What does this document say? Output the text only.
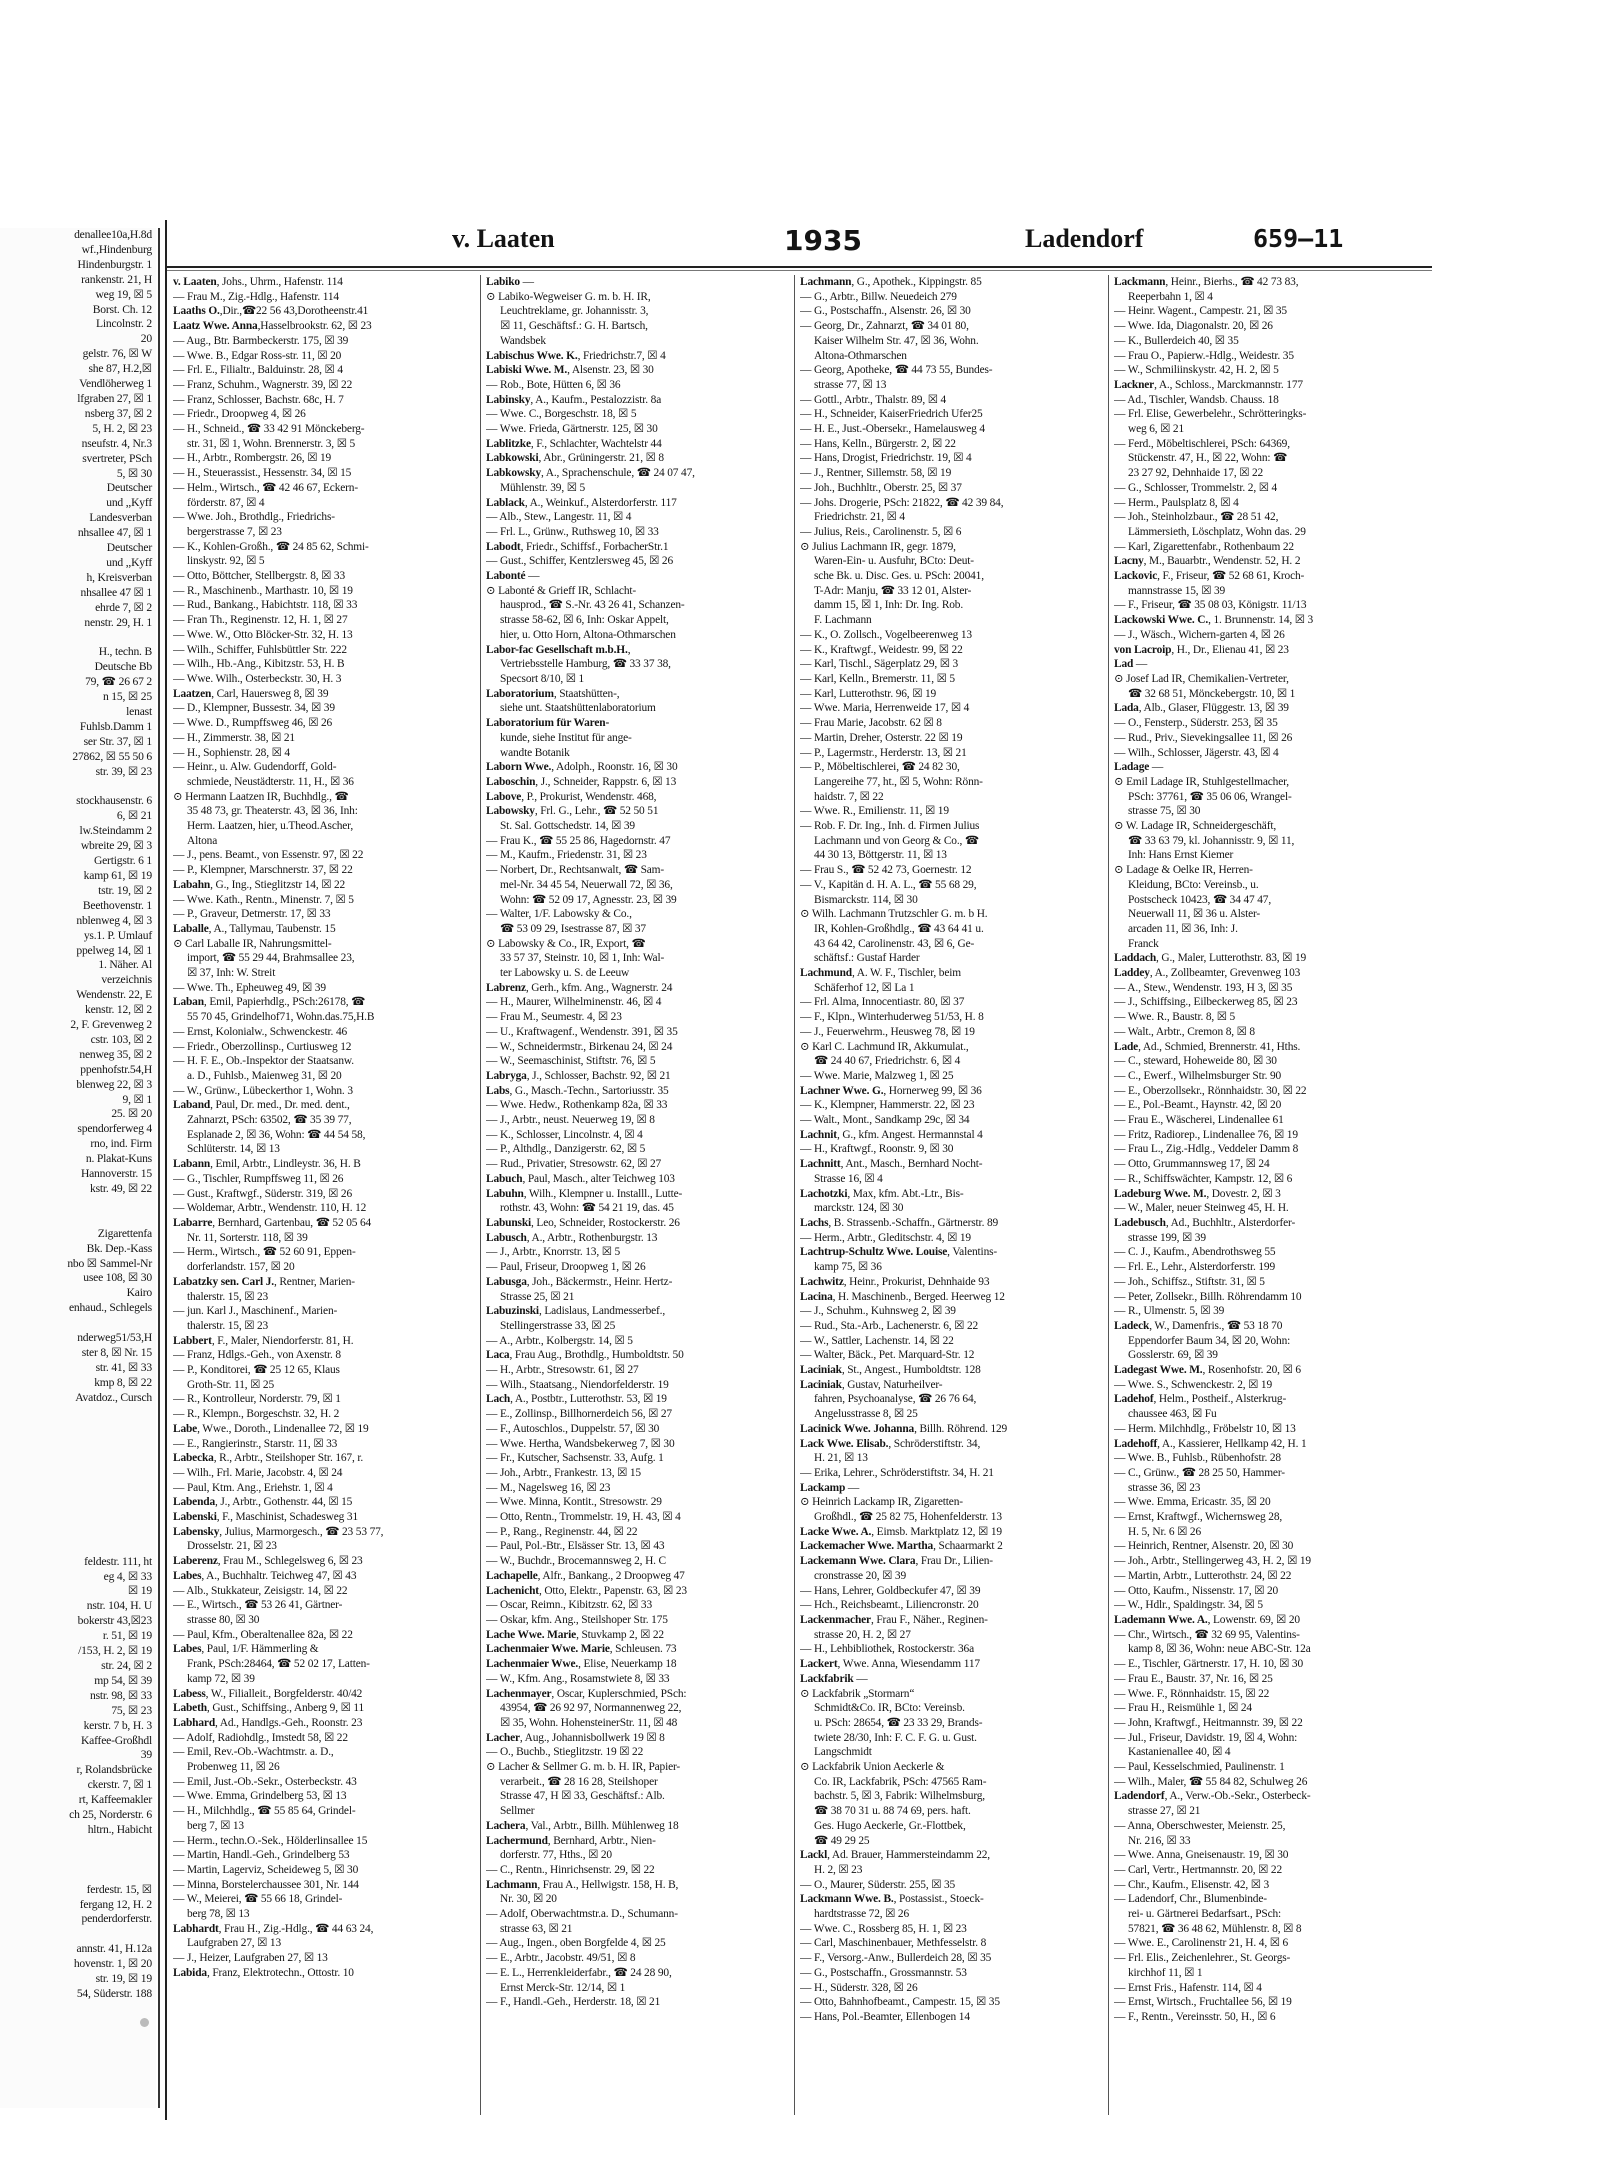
denallee10a,H.8d
wf.,Hindenburg
Hindenburgstr. 1
rankenstr. 21, H
weg 19, ☒ 5
Borst. Ch. 12
Lincolnstr. 2
20
gelstr. 76, ☒ W
she 87, H.2,☒
Vendlöherweg 1
lfgraben 27, ☒ 1
nsberg 37, ☒ 2
5, H. 2, ☒ 23
nseufstr. 4, Nr.3
svertreter, PSch
5, ☒ 30
Deutscher
und ,,Kyff
Landesverban
nhsallee 47, ☒ 1
Deutscher
und ,,Kyff
h, Kreisverban
nhsallee 47 ☒ 1
ehrde 7, ☒ 2
nenstr. 29, H. 1

H., techn. B
Deutsche Bb
79, ☎ 26 67 2
n 15, ☒ 25
lenast
Fuhlsb.Damm 1
ser Str. 37, ☒ 1
27862, ☒ 55 50 6
str. 39, ☒ 23

stockhausenstr. 6
6, ☒ 21
lw.Steindamm 2
wbreite 29, ☒ 3
Gertigstr. 6 1
kamp 61, ☒ 19
tstr. 19, ☒ 2
Beethovenstr. 1
nblenweg 4, ☒ 3
ys.1. P. Umlauf
ppelweg 14, ☒ 1
1. Näher. Al
verzeichnis
Wendenstr. 22, E
kenstr. 12, ☒ 2
2, F. Grevenweg 2
cstr. 103, ☒ 2
nenweg 35, ☒ 2
ppenhofstr.54,H
blenweg 22, ☒ 3
9, ☒ 1
25. ☒ 20
spendorferweg 4
rno, ind. Firm
n. Plakat-Kuns
Hannoverstr. 15
kstr. 49, ☒ 22

Zigarettenfa
Bk. Dep.-Kass
nbo ☒ Sammel-Nr
usee 108, ☒ 30
Kairo
enhaud., Schlegels

nderweg51/53,H
ster 8, ☒ Nr. 15
str. 41, ☒ 33
kmp 8, ☒ 22
Avatdoz., Cursch

feldestr. 111, ht
eg 4, ☒ 33
☒ 19
nstr. 104, H. U
bokerstr 43,☒23
r. 51, ☒ 19
/153, H. 2, ☒ 19
str. 24, ☒ 2
mp 54, ☒ 39
nstr. 98, ☒ 33
75, ☒ 23
kerstr. 7 b, H. 3
Kaffee-Großhdl
39
r, Rolandsbrücke
ckerstr. 7, ☒ 1
rt, Kaffeemakler
ch 25, Norderstr. 6
hltrn., Habicht

ferdestr. 15, ☒
fergang 12, H. 2
penderdorferstr.

annstr. 41, H.12a
hovenstr. 1, ☒ 20
str. 19, ☒ 19
54, Süderstr. 188
v. Laaten	1935	Ladendorf	659—11
v. Laaten, Johs., Uhrm., Hafenstr. 114
— Frau M., Zig.-Hdlg., Hafenstr. 114
Laaths O.,Dir.,☎22 56 43,Dorotheenstr.41
Laatz Wwe. Anna,Hasselbrookstr. 62, ☒ 23
— Aug., Btr. Barmbeckerstr. 175, ☒ 39
— Wwe. B., Edgar Ross-str. 11, ☒ 20
— Frl. E., Filialtr., Balduinstr. 28, ☒ 4
— Franz, Schuhm., Wagnerstr. 39, ☒ 22
— Franz, Schlosser, Bachstr. 68c, H. 7
— Friedr., Droopweg 4, ☒ 26
— H., Schneid., ☎ 33 42 91 Mönckeberg-
str. 31, ☒ 1, Wohn. Brennerstr. 3, ☒ 5
— H., Arbtr., Rombergstr. 26, ☒ 19
— H., Steuerassist., Hessenstr. 34, ☒ 15
— Helm., Wirtsch., ☎ 42 46 67, Eckern-
förderstr. 87, ☒ 4
— Wwe. Joh., Brothdlg., Friedrichs-
bergerstrasse 7, ☒ 23
— K., Kohlen-Großh., ☎ 24 85 62, Schmi-
linskystr. 92, ☒ 5
— Otto, Böttcher, Stellbergstr. 8, ☒ 33
— R., Maschinenb., Marthastr. 10, ☒ 19
— Rud., Bankang., Habichtstr. 118, ☒ 33
— Fran Th., Reginenstr. 12, H. 1, ☒ 27
— Wwe. W., Otto Blöcker-Str. 32, H. 13
— Wilh., Schiffer, Fuhlsbüttler Str. 222
— Wilh., Hb.-Ang., Kibitzstr. 53, H. B
— Wwe. Wilh., Osterbeckstr. 30, H. 3
Laatzen, Carl, Hauersweg 8, ☒ 39
— D., Klempner, Bussestr. 34, ☒ 39
— Wwe. D., Rumpffsweg 46, ☒ 26
— H., Zimmerstr. 38, ☒ 21
— H., Sophienstr. 28, ☒ 4
— Heinr., u. Alw. Gudendorff, Gold-
schmiede, Neustädterstr. 11, H., ☒ 36
⊙ Hermann Laatzen IR, Buchhdlg., ☎
35 48 73, gr. Theaterstr. 43, ☒ 36, Inh:
Herm. Laatzen, hier, u.Theod.Ascher,
Altona
— J., pens. Beamt., von Essenstr. 97, ☒ 22
— P., Klempner, Marschnerstr. 37, ☒ 22
Labahn, G., Ing., Stieglitzstr 14, ☒ 22
— Wwe. Kath., Rentn., Minenstr. 7, ☒ 5
— P., Graveur, Detmerstr. 17, ☒ 33
Laballe, A., Tallymau, Taubenstr. 15
⊙ Carl Laballe IR, Nahrungsmittel-
import, ☎ 55 29 44, Brahmsallee 23,
☒ 37, Inh: W. Streit
— Wwe. Th., Epheuweg 49, ☒ 39
Laban, Emil, Papierhdlg., PSch:26178, ☎
55 70 45, Grindelhof71, Wohn.das.75,H.B
— Ernst, Kolonialw., Schwenckestr. 46
— Friedr., Oberzollinsp., Curtiusweg 12
— H. F. E., Ob.-Inspektor der Staatsanw.
a. D., Fuhlsb., Maienweg 31, ☒ 20
— W., Grünw., Lübeckerthor 1, Wohn. 3
Laband, Paul, Dr. med., Dr. med. dent.,
Zahnarzt, PSch: 63502, ☎ 35 39 77,
Esplanade 2, ☒ 36, Wohn: ☎ 44 54 58,
Schlüterstr. 14, ☒ 13
Labann, Emil, Arbtr., Lindleystr. 36, H. B
— G., Tischler, Rumpffsweg 11, ☒ 26
— Gust., Kraftwgf., Süderstr. 319, ☒ 26
— Woldemar, Arbtr., Wendenstr. 110, H. 12
Labarre, Bernhard, Gartenbau, ☎ 52 05 64
Nr. 11, Sorterstr. 118, ☒ 39
— Herm., Wirtsch., ☎ 52 60 91, Eppen-
dorferlandstr. 157, ☒ 20
Labatzky sen. Carl J., Rentner, Marien-
thalerstr. 15, ☒ 23
— jun. Karl J., Maschinenf., Marien-
thalerstr. 15, ☒ 23
Labbert, F., Maler, Niendorferstr. 81, H.
— Franz, Hdlgs.-Geh., von Axenstr. 8
— P., Konditorei, ☎ 25 12 65, Klaus
Groth-Str. 11, ☒ 25
— R., Kontrolleur, Norderstr. 79, ☒ 1
— R., Klempn., Borgeschstr. 32, H. 2
Labe, Wwe., Doroth., Lindenallee 72, ☒ 19
— E., Rangierinstr., Starstr. 11, ☒ 33
Labecka, R., Arbtr., Steilshoper Str. 167, r.
— Wilh., Frl. Marie, Jacobstr. 4, ☒ 24
— Paul, Ktm. Ang., Eriehstr. 1, ☒ 4
Labenda, J., Arbtr., Gothenstr. 44, ☒ 15
Labenski, F., Maschinist, Schadesweg 31
Labensky, Julius, Marmorgesch., ☎ 23 53 77,
Drosselstr. 21, ☒ 23
Laberenz, Frau M., Schlegelsweg 6, ☒ 23
Labes, A., Buchhaltr. Teichweg 47, ☒ 43
— Alb., Stukkateur, Zeisigstr. 14, ☒ 22
— E., Wirtsch., ☎ 53 26 41, Gärtner-
strasse 80, ☒ 30
— Paul, Kfm., Oberaltenallee 82a, ☒ 22
Labes, Paul, 1/F. Hämmerling &
Frank, PSch:28464, ☎ 52 02 17, Latten-
kamp 72, ☒ 39
Labess, W., Filialleit., Borgfelderstr. 40/42
Labeth, Gust., Schiffsing., Anberg 9, ☒ 11
Labhard, Ad., Handlgs.-Geh., Roonstr. 23
— Adolf, Radiohdlg., Imstedt 58, ☒ 22
— Emil, Rev.-Ob.-Wachtmstr. a. D.,
Probenweg 11, ☒ 26
— Emil, Just.-Ob.-Sekr., Osterbeckstr. 43
— Wwe. Emma, Grindelberg 53, ☒ 13
— H., Milchhdlg., ☎ 55 85 64, Grindel-
berg 7, ☒ 13
— Herm., techn.O.-Sek., Hölderlinsallee 15
— Martin, Handl.-Geh., Grindelberg 53
— Martin, Lagerviz, Scheideweg 5, ☒ 30
— Minna, Borstelerchaussee 301, Nr. 144
— W., Meierei, ☎ 55 66 18, Grindel-
berg 78, ☒ 13
Labhardt, Frau H., Zig.-Hdlg., ☎ 44 63 24,
Laufgraben 27, ☒ 13
— J., Heizer, Laufgraben 27, ☒ 13
Labida, Franz, Elektrotechn., Ottostr. 10
Labiko —
⊙ Labiko-Wegweiser G. m. b. H. IR,
Leuchtreklame, gr. Johannisstr. 3,
☒ 11, Geschäftsf.: G. H. Bartsch,
Wandsbek
Labischus Wwe. K., Friedrichstr.7, ☒ 4
Labiski Wwe. M., Alsenstr. 23, ☒ 30
— Rob., Bote, Hütten 6, ☒ 36
Labinsky, A., Kaufm., Pestalozzistr. 8a
— Wwe. C., Borgeschstr. 18, ☒ 5
— Wwe. Frieda, Gärtnerstr. 125, ☒ 30
Lablitzke, F., Schlachter, Wachtelstr 44
Labkowski, Abr., Grüningerstr. 21, ☒ 8
Labkowsky, A., Sprachenschule, ☎ 24 07 47,
Mühlenstr. 39, ☒ 5
Lablack, A., Weinkuf., Alsterdorferstr. 117
— Alb., Stew., Langestr. 11, ☒ 4
— Frl. L., Grünw., Ruthsweg 10, ☒ 33
Labodt, Friedr., Schiffsf., ForbacherStr.1
— Gust., Schiffer, Kentzlersweg 45, ☒ 26
Labonté —
⊙ Labonté & Grieff IR, Schlacht-
hausprod., ☎ S.-Nr. 43 26 41, Schanzen-
strasse 58-62, ☒ 6, Inh: Oskar Appelt,
hier, u. Otto Horn, Altona-Othmarschen
Labor-fac Gesellschaft m.b.H.,
Vertriebsstelle Hamburg, ☎ 33 37 38,
Specsort 8/10, ☒ 1
Laboratorium, Staatshütten-,
siehe unt. Staatshüttenlaboratorium
Laboratorium für Waren-
kunde, siehe Institut für ange-
wandte Botanik
Laborn Wwe., Adolph., Roonstr. 16, ☒ 30
Laboschin, J., Schneider, Rappstr. 6, ☒ 13
Labove, P., Prokurist, Wendenstr. 468,
Labowsky, Frl. G., Lehr., ☎ 52 50 51
St. Sal. Gottschedstr. 14, ☒ 39
— Frau K., ☎ 55 25 86, Hagedornstr. 47
— M., Kaufm., Friedenstr. 31, ☒ 23
— Norbert, Dr., Rechtsanwalt, ☎ Sam-
mel-Nr. 34 45 54, Neuerwall 72, ☒ 36,
Wohn: ☎ 52 09 17, Agnesstr. 23, ☒ 39
— Walter, 1/F. Labowsky & Co.,
☎ 53 09 29, Isestrasse 87, ☒ 37
⊙ Labowsky & Co., IR, Export, ☎
33 57 37, Steinstr. 10, ☒ 1, Inh: Wal-
ter Labowsky u. S. de Leeuw
Labrenz, Gerh., kfm. Ang., Wagnerstr. 24
— H., Maurer, Wilhelminenstr. 46, ☒ 4
— Frau M., Seumestr. 4, ☒ 23
— U., Kraftwagenf., Wendenstr. 391, ☒ 35
— W., Schneidermstr., Birkenau 24, ☒ 24
— W., Seemaschinist, Stiftstr. 76, ☒ 5
Labryga, J., Schlosser, Bachstr. 92, ☒ 21
Labs, G., Masch.-Techn., Sartoriusstr. 35
— Wwe. Hedw., Rothenkamp 82a, ☒ 33
— J., Arbtr., neust. Neuerweg 19, ☒ 8
— K., Schlosser, Lincolnstr. 4, ☒ 4
— P., Althdlg., Danzigerstr. 62, ☒ 5
— Rud., Privatier, Stresowstr. 62, ☒ 27
Labuch, Paul, Masch., alter Teichweg 103
Labuhn, Wilh., Klempner u. Installl., Lutte-
rothstr. 43, Wohn: ☎ 54 21 19, das. 45
Labunski, Leo, Schneider, Rostockerstr. 26
Labusch, A., Arbtr., Rothenburgstr. 13
— J., Arbtr., Knorrstr. 13, ☒ 5
— Paul, Friseur, Droopweg 1, ☒ 26
Labusga, Joh., Bäckermstr., Heinr. Hertz-
Strasse 25, ☒ 21
Labuzinski, Ladislaus, Landmesserbef.,
Stellingerstrasse 33, ☒ 25
— A., Arbtr., Kolbergstr. 14, ☒ 5
Laca, Frau Aug., Brothdlg., Humboldtstr. 50
— H., Arbtr., Stresowstr. 61, ☒ 27
— Wilh., Staatsang., Niendorfelderstr. 19
Lach, A., Postbtr., Lutterothstr. 53, ☒ 19
— E., Zollinsp., Billhornerdeich 56, ☒ 27
— F., Autoschlos., Duppelstr. 57, ☒ 30
— Wwe. Hertha, Wandsbekerweg 7, ☒ 30
— Fr., Kutscher, Sachsenstr. 33, Aufg. 1
— Joh., Arbtr., Frankestr. 13, ☒ 15
— M., Nagelsweg 16, ☒ 23
— Wwe. Minna, Kontit., Stresowstr. 29
— Otto, Rentn., Trommelstr. 19, H. 43, ☒ 4
— P., Rang., Reginenstr. 44, ☒ 22
— Paul, Pol.-Btr., Elsässer Str. 13, ☒ 43
— W., Buchdr., Brocemannsweg 2, H. C
Lachapelle, Alfr., Bankang., 2 Droopweg 47
Lachenicht, Otto, Elektr., Papenstr. 63, ☒ 23
— Oscar, Reimn., Kibitzstr. 62, ☒ 33
— Oskar, kfm. Ang., Steilshoper Str. 175
Lache Wwe. Marie, Stuvkamp 2, ☒ 22
Lachenmaier Wwe. Marie, Schleusen. 73
Lachenmaier Wwe., Elise, Neuerkamp 18
— W., Kfm. Ang., Rosamstwiete 8, ☒ 33
Lachenmayer, Oscar, Kuplerschmied, PSch:
43954, ☎ 26 92 97, Normannenweg 22,
☒ 35, Wohn. HohensteinerStr. 11, ☒ 48
Lacher, Aug., Johannisbollwerk 19 ☒ 8
— O., Buchb., Stieglitzstr. 19 ☒ 22
⊙ Lacher & Sellmer G. m. b. H. IR, Papier-
verarbeit., ☎ 28 16 28, Steilshoper
Strasse 47, H ☒ 33, Geschäftsf.: Alb.
Sellmer
Lachera, Val., Arbtr., Billh. Mühlenweg 18
Lachermund, Bernhard, Arbtr., Nien-
dorferstr. 77, Hths., ☒ 20
— C., Rentn., Hinrichsenstr. 29, ☒ 22
Lachmann, Frau A., Hellwigstr. 158, H. B,
Nr. 30, ☒ 20
— Adolf, Oberwachtmstr.a. D., Schumann-
strasse 63, ☒ 21
— Aug., Ingen., oben Borgfelde 4, ☒ 25
— E., Arbtr., Jacobstr. 49/51, ☒ 8
— E. L., Herrenkleiderfabr., ☎ 24 28 90,
Ernst Merck-Str. 12/14, ☒ 1
— F., Handl.-Geh., Herderstr. 18, ☒ 21
Lachmann, G., Apothek., Kippingstr. 85
— G., Arbtr., Billw. Neuedeich 279
— G., Postschaffn., Alsenstr. 26, ☒ 30
— Georg, Dr., Zahnarzt, ☎ 34 01 80,
Kaiser Wilhelm Str. 47, ☒ 36, Wohn.
Altona-Othmarschen
— Georg, Apotheke, ☎ 44 73 55, Bundes-
strasse 77, ☒ 13
— Gottl., Arbtr., Thalstr. 89, ☒ 4
— H., Schneider, KaiserFriedrich Ufer25
— H. E., Just.-Obersekr., Hamelausweg 4
— Hans, Kelln., Bürgerstr. 2, ☒ 22
— Hans, Drogist, Friedrichstr. 19, ☒ 4
— J., Rentner, Sillemstr. 58, ☒ 19
— Joh., Buchhltr., Oberstr. 25, ☒ 37
— Johs. Drogerie, PSch: 21822, ☎ 42 39 84,
Friedrichstr. 21, ☒ 4
— Julius, Reis., Carolinenstr. 5, ☒ 6
⊙ Julius Lachmann IR, gegr. 1879,
Waren-Ein- u. Ausfuhr, BCto: Deut-
sche Bk. u. Disc. Ges. u. PSch: 20041,
T-Adr: Manju, ☎ 33 12 01, Alster-
damm 15, ☒ 1, Inh: Dr. Ing. Rob.
F. Lachmann
— K., O. Zollsch., Vogelbeerenweg 13
— K., Kraftwgf., Weidestr. 99, ☒ 22
— Karl, Tischl., Sägerplatz 29, ☒ 3
— Karl, Kelln., Bremerstr. 11, ☒ 5
— Karl, Lutterothstr. 96, ☒ 19
— Wwe. Maria, Herrenweide 17, ☒ 4
— Frau Marie, Jacobstr. 62 ☒ 8
— Martin, Dreher, Osterstr. 22 ☒ 19
— P., Lagermstr., Herderstr. 13, ☒ 21
— P., Möbeltischlerei, ☎ 24 82 30,
Langereihe 77, ht., ☒ 5, Wohn: Rönn-
haidstr. 7, ☒ 22
— Wwe. R., Emilienstr. 11, ☒ 19
— Rob. F. Dr. Ing., Inh. d. Firmen Julius
Lachmann und von Georg & Co., ☎
44 30 13, Böttgerstr. 11, ☒ 13
— Frau S., ☎ 52 42 73, Goernestr. 12
— V., Kapitän d. H. A. L., ☎ 55 68 29,
Bismarckstr. 114, ☒ 30
⊙ Wilh. Lachmann Trutzschler G. m. b H.
IR, Kohlen-Großhdlg., ☎ 43 64 41 u.
43 64 42, Carolinenstr. 43, ☒ 6, Ge-
schäftsf.: Gustaf Harder
Lachmund, A. W. F., Tischler, beim
Schäferhof 12, ☒ La 1
— Frl. Alma, Innocentiastr. 80, ☒ 37
— F., Klpn., Winterhuderweg 51/53, H. 8
— J., Feuerwehrm., Heusweg 78, ☒ 19
⊙ Karl C. Lachmund IR, Akkumulat.,
☎ 24 40 67, Friedrichstr. 6, ☒ 4
— Wwe. Marie, Malzweg 1, ☒ 25
Lachner Wwe. G., Hornerweg 99, ☒ 36
— K., Klempner, Hammerstr. 22, ☒ 23
— Walt., Mont., Sandkamp 29c, ☒ 34
Lachnit, G., kfm. Angest. Hermannstal 4
— H., Kraftwgf., Roonstr. 9, ☒ 30
Lachnitt, Ant., Masch., Bernhard Nocht-
Strasse 16, ☒ 4
Lachotzki, Max, kfm. Abt.-Ltr., Bis-
marckstr. 124, ☒ 30
Lachs, B. Strassenb.-Schaffn., Gärtnerstr. 89
— Herm., Arbtr., Gleditschstr. 4, ☒ 19
Lachtrup-Schultz Wwe. Louise, Valentins-
kamp 75, ☒ 36
Lachwitz, Heinr., Prokurist, Dehnhaide 93
Lacina, H. Maschinenb., Berged. Heerweg 12
— J., Schuhm., Kuhnsweg 2, ☒ 39
— Rud., Sta.-Arb., Lachenerstr. 6, ☒ 22
— W., Sattler, Lachenstr. 14, ☒ 22
— Walter, Bäck., Pet. Marquard-Str. 12
Laciniak, St., Angest., Humboldtstr. 128
Laciniak, Gustav, Naturheilver-
fahren, Psychoanalyse, ☎ 26 76 64,
Angelusstrasse 8, ☒ 25
Lacinick Wwe. Johanna, Billh. Röhrend. 129
Lack Wwe. Elisab., Schröderstiftstr. 34,
H. 21, ☒ 13
— Erika, Lehrer., Schröderstiftstr. 34, H. 21
Lackamp —
⊙ Heinrich Lackamp IR, Zigaretten-
Großhdl., ☎ 25 82 75, Hohenfelderstr. 13
Lacke Wwe. A., Eimsb. Marktplatz 12, ☒ 19
Lackemacher Wwe. Martha, Schaarmarkt 2
Lackemann Wwe. Clara, Frau Dr., Lilien-
cronstrasse 20, ☒ 39
— Hans, Lehrer, Goldbeckufer 47, ☒ 39
— Hch., Reichsbeamt., Liliencronstr. 20
Lackenmacher, Frau F., Näher., Reginen-
strasse 20, H. 2, ☒ 27
— H., Lehbibliothek, Rostockerstr. 36a
Lackert, Wwe. Anna, Wiesendamm 117
Lackfabrik —
⊙ Lackfabrik „Stormarn“
Schmidt&Co. IR, BCto: Vereinsb.
u. PSch: 28654, ☎ 23 33 29, Brands-
twiete 28/30, Inh: F. C. F. G. u. Gust.
Langschmidt
⊙ Lackfabrik Union Aeckerle &
Co. IR, Lackfabrik, PSch: 47565 Ram-
bachstr. 5, ☒ 3, Fabrik: Wilhelmsburg,
☎ 38 70 31 u. 88 74 69, pers. haft.
Ges. Hugo Aeckerle, Gr.-Flottbek,
☎ 49 29 25
Lackl, Ad. Brauer, Hammersteindamm 22,
H. 2, ☒ 23
— O., Maurer, Süderstr. 255, ☒ 35
Lackmann Wwe. B., Postassist., Stoeck-
hardtstrasse 72, ☒ 26
— Wwe. C., Rossberg 85, H. 1, ☒ 23
— Carl, Maschinenbauer, Methfesselstr. 8
— F., Versorg.-Anw., Bullerdeich 28, ☒ 35
— G., Postschaffn., Grossmannstr. 53
— H., Süderstr. 328, ☒ 26
— Otto, Bahnhofbeamt., Campestr. 15, ☒ 35
— Hans, Pol.-Beamter, Ellenbogen 14
Lackmann, Heinr., Bierhs., ☎ 42 73 83,
Reeperbahn 1, ☒ 4
— Heinr. Wagent., Campestr. 21, ☒ 35
— Wwe. Ida, Diagonalstr. 20, ☒ 26
— K., Bullerdeich 40, ☒ 35
— Frau O., Papierw.-Hdlg., Weidestr. 35
— W., Schmiliinskystr. 42, H. 2, ☒ 5
Lackner, A., Schloss., Marckmannstr. 177
— Ad., Tischler, Wandsb. Chauss. 18
— Frl. Elise, Gewerbelehr., Schrötteringks-
weg 6, ☒ 21
— Ferd., Möbeltischlerei, PSch: 64369,
Stückenstr. 47, H., ☒ 22, Wohn: ☎
23 27 92, Dehnhaide 17, ☒ 22
— G., Schlosser, Trommelstr. 2, ☒ 4
— Herm., Paulsplatz 8, ☒ 4
— Joh., Steinholzbaur., ☎ 28 51 42,
Lämmersieth, Löschplatz, Wohn das. 29
— Karl, Zigarettenfabr., Rothenbaum 22
Lacny, M., Bauarbtr., Wendenstr. 52, H. 2
Lackovic, F., Friseur, ☎ 52 68 61, Kroch-
mannstrasse 15, ☒ 39
— F., Friseur, ☎ 35 08 03, Königstr. 11/13
Lackowski Wwe. C., 1. Brunnenstr. 14, ☒ 3
— J., Wäsch., Wichern-garten 4, ☒ 26
von Lacroip, H., Dr., Elienau 41, ☒ 23
Lad —
⊙ Josef Lad IR, Chemikalien-Vertreter,
☎ 32 68 51, Mönckebergstr. 10, ☒ 1
Lada, Alb., Glaser, Flüggestr. 13, ☒ 39
— O., Fensterp., Süderstr. 253, ☒ 35
— Rud., Priv., Sievekingsallee 11, ☒ 26
— Wilh., Schlosser, Jägerstr. 43, ☒ 4
Ladage —
⊙ Emil Ladage IR, Stuhlgestellmacher,
PSch: 37761, ☎ 35 06 06, Wrangel-
strasse 75, ☒ 30
⊙ W. Ladage IR, Schneidergeschäft,
☎ 33 63 79, kl. Johannisstr. 9, ☒ 11,
Inh: Hans Ernst Kiemer
⊙ Ladage & Oelke IR, Herren-
Kleidung, BCto: Vereinsb., u.
Postscheck 10423, ☎ 34 47 47,
Neuerwall 11, ☒ 36 u. Alster-
arcaden 11, ☒ 36, Inh: J.
Franck
Laddach, G., Maler, Lutterothstr. 83, ☒ 19
Laddey, A., Zollbeamter, Grevenweg 103
— A., Stew., Wendenstr. 193, H 3, ☒ 35
— J., Schiffsing., Eilbeckerweg 85, ☒ 23
— Wwe. R., Baustr. 8, ☒ 5
— Walt., Arbtr., Cremon 8, ☒ 8
Lade, Ad., Schmied, Brennerstr. 41, Hths.
— C., steward, Hoheweide 80, ☒ 30
— C., Ewerf., Wilhelmsburger Str. 90
— E., Oberzollsekr., Rönnhaidstr. 30, ☒ 22
— E., Pol.-Beamt., Haynstr. 42, ☒ 20
— Frau E., Wäscherei, Lindenallee 61
— Fritz, Radiorep., Lindenallee 76, ☒ 19
— Frau L., Zig.-Hdlg., Veddeler Damm 8
— Otto, Grummannsweg 17, ☒ 24
— R., Schiffswächter, Kampstr. 12, ☒ 6
Ladeburg Wwe. M., Dovestr. 2, ☒ 3
— W., Maler, neuer Steinweg 45, H. H.
Ladebusch, Ad., Buchhltr., Alsterdorfer-
strasse 199, ☒ 39
— C. J., Kaufm., Abendrothsweg 55
— Frl. E., Lehr., Alsterdorferstr. 199
— Joh., Schiffsz., Stiftstr. 31, ☒ 5
— Peter, Zollsekr., Billh. Röhrendamm 10
— R., Ulmenstr. 5, ☒ 39
Ladeck, W., Damenfris., ☎ 53 18 70
Eppendorfer Baum 34, ☒ 20, Wohn:
Gosslerstr. 69, ☒ 39
Ladegast Wwe. M., Rosenhofstr. 20, ☒ 6
— Wwe. S., Schwenckestr. 2, ☒ 19
Ladehof, Helm., Postheif., Alsterkrug-
chaussee 463, ☒ Fu
— Herm. Milchhdlg., Fröbelstr 10, ☒ 13
Ladehoff, A., Kassierer, Hellkamp 42, H. 1
— Wwe. B., Fuhlsb., Rübenhofstr. 28
— C., Grünw., ☎ 28 25 50, Hammer-
strasse 36, ☒ 23
— Wwe. Emma, Ericastr. 35, ☒ 20
— Ernst, Kraftwgf., Wichernsweg 28,
H. 5, Nr. 6 ☒ 26
— Heinrich, Rentner, Alsenstr. 20, ☒ 30
— Joh., Arbtr., Stellingerweg 43, H. 2, ☒ 19
— Martin, Arbtr., Lutterothstr. 24, ☒ 22
— Otto, Kaufm., Nissenstr. 17, ☒ 20
— W., Hdlr., Spaldingstr. 34, ☒ 5
Lademann Wwe. A., Lowenstr. 69, ☒ 20
— Chr., Wirtsch., ☎ 32 69 95, Valentins-
kamp 8, ☒ 36, Wohn: neue ABC-Str. 12a
— E., Tischler, Gärtnerstr. 17, H. 10, ☒ 30
— Frau E., Baustr. 37, Nr. 16, ☒ 25
— Wwe. F., Rönnhaidstr. 15, ☒ 22
— Frau H., Reismühle 1, ☒ 24
— John, Kraftwgf., Heitmannstr. 39, ☒ 22
— Jul., Friseur, Davidstr. 19, ☒ 4, Wohn:
Kastanienallee 40, ☒ 4
— Paul, Kesselschmied, Paulinenstr. 1
— Wilh., Maler, ☎ 55 84 82, Schulweg 26
Ladendorf, A., Verw.-Ob.-Sekr., Osterbeck-
strasse 27, ☒ 21
— Anna, Oberschwester, Meienstr. 25,
Nr. 216, ☒ 33
— Wwe. Anna, Gneisenaustr. 19, ☒ 30
— Carl, Vertr., Hertmannstr. 20, ☒ 22
— Chr., Kaufm., Elisenstr. 42, ☒ 3
— Ladendorf, Chr., Blumenbinde-
rei- u. Gärtnerei Bedarfsart., PSch:
57821, ☎ 36 48 62, Mühlenstr. 8, ☒ 8
— Wwe. E., Carolinenstr 21, H. 4, ☒ 6
— Frl. Elis., Zeichenlehrer., St. Georgs-
kirchhof 11, ☒ 1
— Ernst Fris., Hafenstr. 114, ☒ 4
— Ernst, Wirtsch., Fruchtallee 56, ☒ 19
— F., Rentn., Vereinsstr. 50, H., ☒ 6
